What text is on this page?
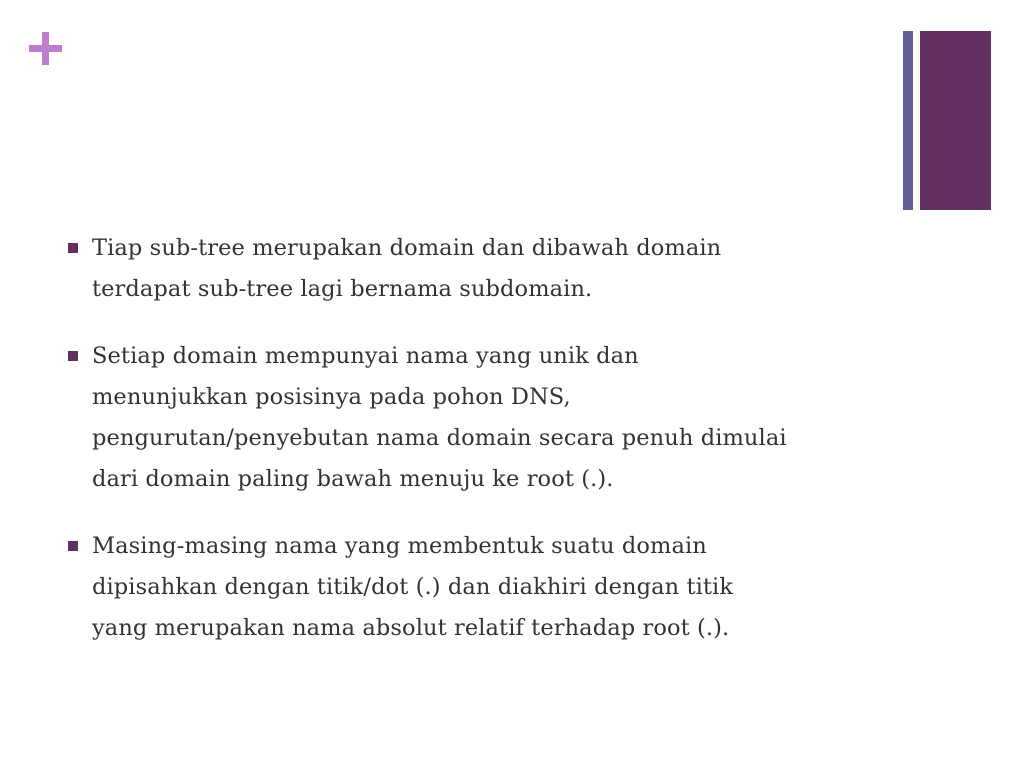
Tiap sub-tree merupakan domain dan dibawah domain
terdapat sub-tree lagi bernama subdomain.
Setiap domain mempunyai nama yang unik dan
menunjukkan posisinya pada pohon DNS,
pengurutan/penyebutan nama domain secara penuh dimulai
dari domain paling bawah menuju ke root (.).
Masing-masing nama yang membentuk suatu domain
dipisahkan dengan titik/dot (.) dan diakhiri dengan titik
yang merupakan nama absolut relatif terhadap root (.).
